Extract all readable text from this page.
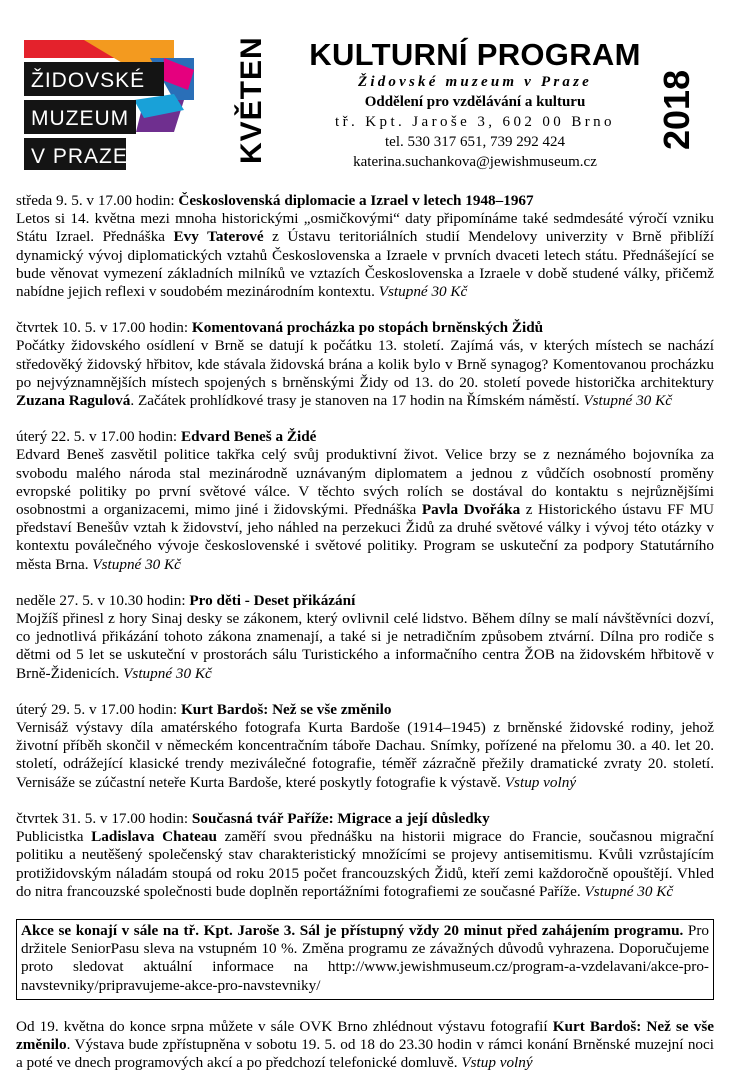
ŽIDOVSKÉ
MUZEUM
V PRAZE	KVĚTEN	KULTURNÍ PROGRAM
Židovské muzeum v Praze
Oddělení pro vzdělávání a kulturu
tř. Kpt. Jaroše 3, 602 00 Brno
tel. 530 317 651, 739 292 424
katerina.suchankova@jewishmuseum.cz
2018
středa 9. 5. v 17.00 hodin: Československá diplomacie a Izrael v letech 1948–1967
Letos si 14. května mezi mnoha historickými „osmičkovými“ daty připomínáme také sedmdesáté výročí vzniku Státu Izrael. Přednáška Evy Taterové z Ústavu teritoriálních studií Mendelovy univerzity v Brně přiblíží dynamický vývoj diplomatických vztahů Československa a Izraele v prvních dvaceti letech státu. Přednášející se bude věnovat vymezení základních milníků ve vztazích Československa a Izraele v době studené války, přičemž nabídne jejich reflexi v soudobém mezinárodním kontextu. Vstupné 30 Kč
čtvrtek 10. 5. v 17.00 hodin: Komentovaná procházka po stopách brněnských Židů
Počátky židovského osídlení v Brně se datují k počátku 13. století. Zajímá vás, v kterých místech se nachází středověký židovský hřbitov, kde stávala židovská brána a kolik bylo v Brně synagog? Komentovanou procházku po nejvýznamnějších místech spojených s brněnskými Židy od 13. do 20. století povede historička architektury Zuzana Ragulová. Začátek prohlídkové trasy je stanoven na 17 hodin na Římském náměstí. Vstupné 30 Kč
úterý 22. 5. v 17.00 hodin: Edvard Beneš a Židé
Edvard Beneš zasvětil politice takřka celý svůj produktivní život. Velice brzy se z neznámého bojovníka za svobodu malého národa stal mezinárodně uznávaným diplomatem a jednou z vůdčích osobností proměny evropské politiky po první světové válce. V těchto svých rolích se dostával do kontaktu s nejrůznějšími osobnostmi a organizacemi, mimo jiné i židovskými. Přednáška Pavla Dvořáka z Historického ústavu FF MU představí Benešův vztah k židovství, jeho náhled na perzekuci Židů za druhé světové války i vývoj této otázky v kontextu poválečného vývoje československé i světové politiky. Program se uskuteční za podpory Statutárního města Brna. Vstupné 30 Kč
neděle 27. 5. v 10.30 hodin: Pro děti - Deset přikázání
Mojžíš přinesl z hory Sinaj desky se zákonem, který ovlivnil celé lidstvo. Během dílny se malí návštěvníci dozví, co jednotlivá přikázání tohoto zákona znamenají, a také si je netradičním způsobem ztvární. Dílna pro rodiče s dětmi od 5 let se uskuteční v prostorách sálu Turistického a informačního centra ŽOB na židovském hřbitově v Brně-Židenicích. Vstupné 30 Kč
úterý 29. 5. v 17.00 hodin: Kurt Bardoš: Než se vše změnilo
Vernisáž výstavy díla amatérského fotografa Kurta Bardoše (1914–1945) z brněnské židovské rodiny, jehož životní příběh skončil v německém koncentračním táboře Dachau. Snímky, pořízené na přelomu 30. a 40. let 20. století, odrážející klasické trendy meziválečné fotografie, téměř zázračně přežily dramatické zvraty 20. století. Vernisáže se zúčastní neteře Kurta Bardoše, které poskytly fotografie k výstavě. Vstup volný
čtvrtek 31. 5. v 17.00 hodin: Současná tvář Paříže: Migrace a její důsledky
Publicistka Ladislava Chateau zaměří svou přednášku na historii migrace do Francie, současnou migrační politiku a neutěšený společenský stav charakteristický množícími se projevy antisemitismu. Kvůli vzrůstajícím protižidovským náladám stoupá od roku 2015 počet francouzských Židů, kteří zemi každoročně opouštějí. Vhled do nitra francouzské společnosti bude doplněn reportážními fotografiemi ze současné Paříže. Vstupné 30 Kč
Akce se konají v sále na tř. Kpt. Jaroše 3. Sál je přístupný vždy 20 minut před zahájením programu. Pro držitele SeniorPasu sleva na vstupném 10 %. Změna programu ze závažných důvodů vyhrazena. Doporučujeme proto sledovat aktuální informace na http://www.jewishmuseum.cz/program-a-vzdelavani/akce-pro-navstevniky/pripravujeme-akce-pro-navstevniky/
Od 19. května do konce srpna můžete v sále OVK Brno zhlédnout výstavu fotografií Kurt Bardoš: Než se vše změnilo. Výstava bude zpřístupněna v sobotu 19. 5. od 18 do 23.30 hodin v rámci konání Brněnské muzejní noci a poté ve dnech programových akcí a po předchozí telefonické domluvě. Vstup volný
